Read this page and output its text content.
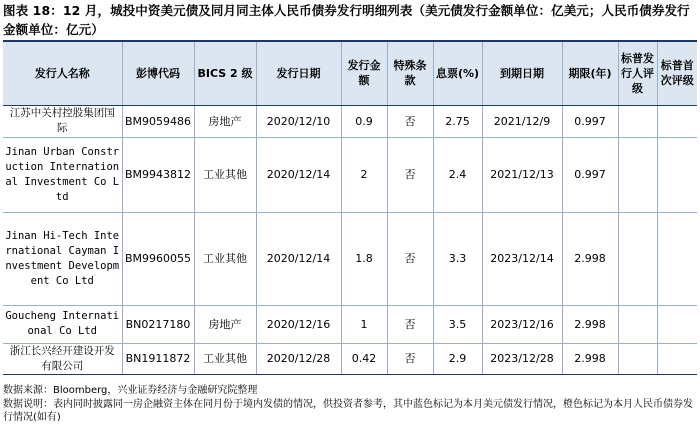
图表 18：12 月，城投中资美元债及同月同主体人民币债券发行明细列表（美元债发行金额单位：亿美元；人民币债券发行金额单位：亿元）
发行人名称	彭博代码	BICS 2 级	发行日期	发行金额	特殊条款	息票(%)	到期日期	期限(年)	标普发行人评级	标普首次评级
江苏中关村控股集团国际	BM9059486	房地产	2020/12/10	0.9	否	2.75	2021/12/9	0.997		
Jinan Urban Construction International Investment Co Ltd	BM9943812	工业其他	2020/12/14	2	否	2.4	2021/12/13	0.997		
Jinan Hi-Tech International Cayman Investment Development Co Ltd	BM9960055	工业其他	2020/12/14	1.8	否	3.3	2023/12/14	2.998		
Goucheng International Co Ltd	BN0217180	房地产	2020/12/16	1	否	3.5	2023/12/16	2.998		
浙江长兴经开建设开发有限公司	BN1911872	工业其他	2020/12/28	0.42	否	2.9	2023/12/28	2.998		
数据来源：Bloomberg，兴业证券经济与金融研究院整理
数据说明：表内同时披露同一房企融资主体在同月份于境内发债的情况，供投资者参考，其中蓝色标记为本月美元债发行情况，橙色标记为本月人民币债券发行情况(如有)
